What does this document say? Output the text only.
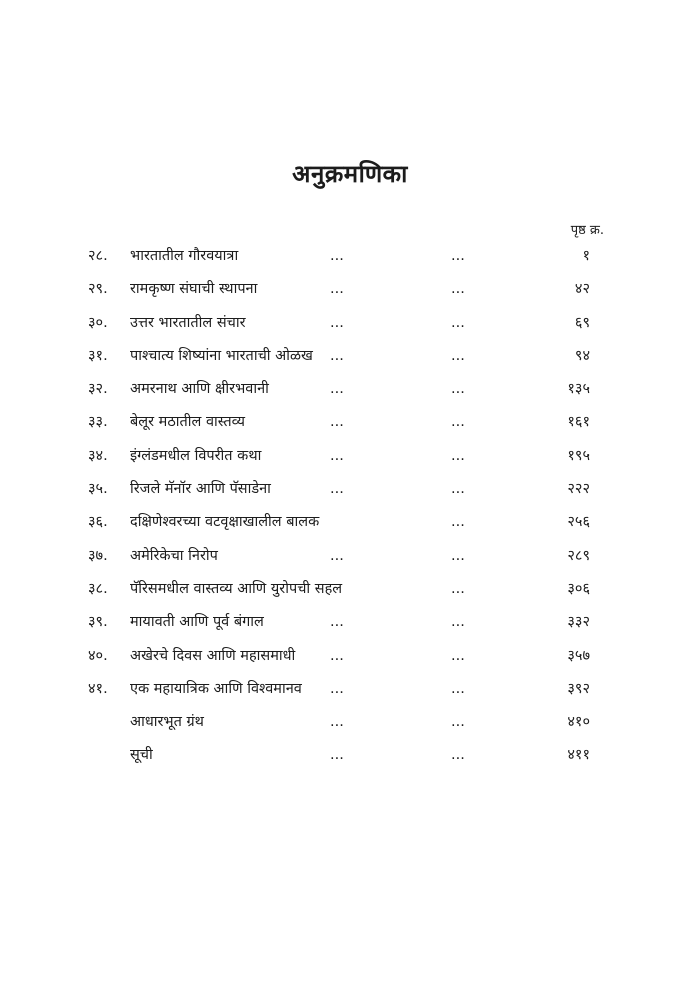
अनुक्रमणिका
पृष्ठ क्र.
२८. भारतातील गौरवयात्रा	...	...	१
२९. रामकृष्ण संघाची स्थापना	...	...	४२
३०. उत्तर भारतातील संचार	...	...	६९
३१. पाश्चात्य शिष्यांना भारताची ओळख ...	...	९४
३२. अमरनाथ आणि क्षीरभवानी	...	...	१३५
३३. बेलूर मठातील वास्तव्य	...	...	१६१
३४. इंग्लंडमधील विपरीत कथा	...	...	१९५
३५. रिजले मॅनॉर आणि पॅसाडेना	...	...	२२२
३६. दक्षिणेश्वरच्या वटवृक्षाखालील बालक	...	२५६
३७. अमेरिकेचा निरोप	...	...	२८९
३८. पॅरिसमधील वास्तव्य आणि युरोपची सहल	...	३०६
३९. मायावती आणि पूर्व बंगाल	...	...	३३२
४०. अखेरचे दिवस आणि महासमाधी ...	...	३५७
४१. एक महायात्रिक आणि विश्वमानव ...	...	३९२
आधारभूत ग्रंथ	...	...	४१०
सूची	...	...	४११
